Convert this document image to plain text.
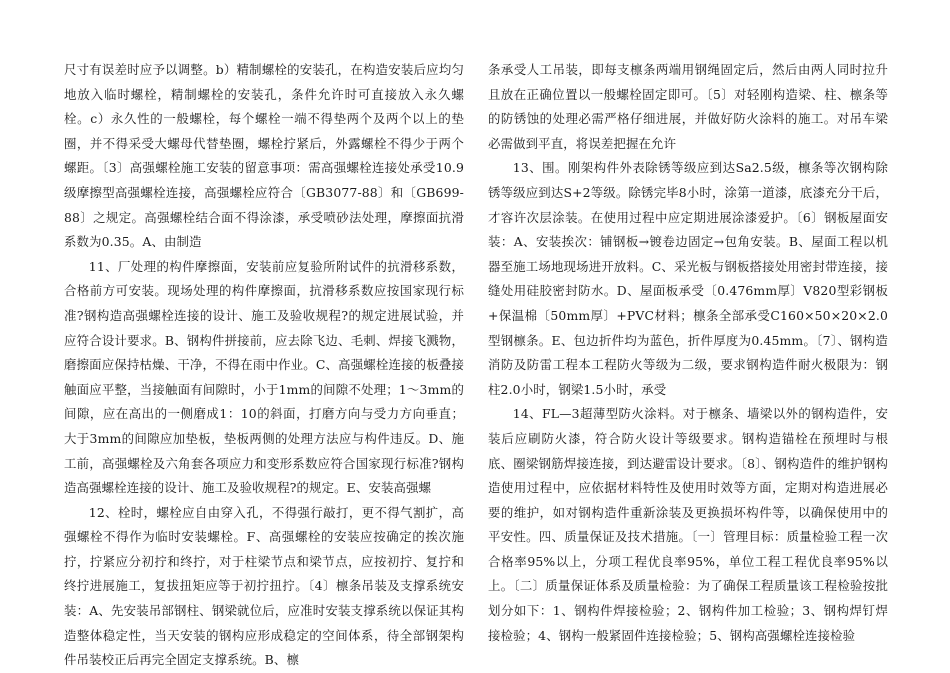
尺寸有误差时应予以调整。b）精制螺栓的安装孔，在构造安装后应均匀地放入临时螺栓，精制螺栓的安装孔，条件允许时可直接放入永久螺栓。c）永久性的一般螺栓，每个螺栓一端不得垫两个及两个以上的垫圈，并不得采受大螺母代替垫圈，螺栓拧紧后，外露螺栓不得少于两个螺距。〔3〕高强螺栓施工安装的留意事项：需高强螺栓连接处承受10.9级摩擦型高强螺栓连接，高强螺栓应符合〔GB3077-88〕和〔GB699-88〕之规定。高强螺栓结合面不得涂漆，承受喷砂法处理，摩擦面抗滑系数为0.35。A、由制造

11、厂处理的构件摩擦面，安装前应复验所附试件的抗滑移系数，合格前方可安装。现场处理的构件摩擦面，抗滑移系数应按国家现行标准?钢构造高强螺栓连接的设计、施工及验收规程?的规定进展试验，并应符合设计要求。B、钢构件拼接前，应去除飞边、毛刺、焊接飞溅物，磨擦面应保持枯燥、干净，不得在雨中作业。C、高强螺栓连接的板叠接触面应平整，当接触面有间隙时，小于1mm的间隙不处理；1～3mm的间隙，应在高出的一侧磨成1：10的斜面，打磨方向与受力方向垂直；大于3mm的间隙应加垫板，垫板两侧的处理方法应与构件违反。D、施工前，高强螺栓及六角套各项应力和变形系数应符合国家现行标准?钢构造高强螺栓连接的设计、施工及验收规程?的规定。E、安装高强螺

12、栓时，螺栓应自由穿入孔，不得强行敲打，更不得气割扩，高强螺栓不得作为临时安装螺栓。F、高强螺栓的安装应按确定的挨次施拧，拧紧应分初拧和终拧，对于柱梁节点和梁节点，应按初拧、复拧和终拧进展施工，复拔扭矩应等于初拧扭拧。〔4〕檩条吊装及支撑系统安装：A、先安装吊部钢柱、钢梁就位后，应准时安装支撑系统以保证其构造整体稳定性，当天安装的钢构应形成稳定的空间体系，待全部钢架构件吊装校正后再完全固定支撑系统。B、檩

条承受人工吊装，即每支檩条两端用钢绳固定后，然后由两人同时拉升且放在正确位置以一般螺栓固定即可。〔5〕对轻刚构造梁、柱、檩条等的防锈蚀的处理必需严格仔细进展，并做好防火涂料的施工。对吊车梁必需做到平直，将误差把握在允许

13、围。刚架构件外表除锈等级应到达Sa2.5级，檩条等次钢构除锈等级应到达S+2等级。除锈完毕8小时，涂第一道漆，底漆充分干后，才容许次层涂装。在使用过程中应定期进展涂漆爱护。〔6〕钢板屋面安装：A、安装挨次：铺钢板→镀卷边固定→包角安装。B、屋面工程以机器至施工场地现场进开放料。C、采光板与钢板搭接处用密封带连接，接缝处用硅胶密封防水。D、屋面板承受〔0.476mm厚〕V820型彩钢板+保温棉〔50mm厚〕+PVC材料；檩条全部承受C160×50×20×2.0型钢檩条。E、包边折件均为蓝色，折件厚度为0.45mm。〔7〕、钢构造消防及防雷工程本工程防火等级为二级，要求钢构造件耐火极限为：钢柱2.0小时，钢梁1.5小时，承受

14、FL—3超薄型防火涂料。对于檩条、墙梁以外的钢构造件，安装后应刷防火漆，符合防火设计等级要求。钢构造锚栓在预埋时与根底、圈梁钢筋焊接连接，到达避雷设计要求。〔8〕、钢构造件的维护钢构造使用过程中，应依据材料特性及使用时效等方面，定期对构造进展必要的维护，如对钢构造件重新涂装及更换损坏构件等，以确保使用中的平安性。四、质量保证及技术措施。〔一〕管理目标：质量检验工程一次合格率95%以上，分项工程优良率95%，单位工程工程优良率95%以上。〔二〕质量保证体系及质量检验：为了确保工程质量该工程检验按批划分如下：1、钢构件焊接检验；2、钢构件加工检验；3、钢构焊钉焊接检验；4、钢构一般紧固件连接检验；5、钢构高强螺栓连接检验
